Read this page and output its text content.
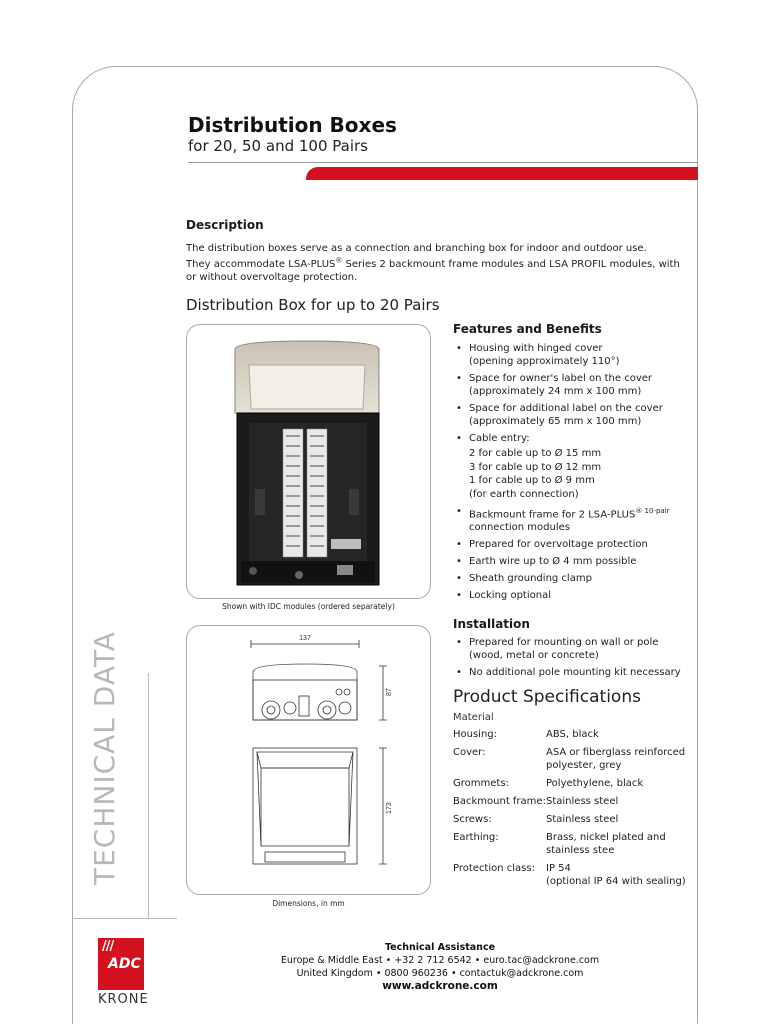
Distribution Boxes
for 20, 50 and 100 Pairs
Description
The distribution boxes serve as a connection and branching box for indoor and outdoor use.
They accommodate LSA-PLUS® Series 2 backmount frame modules and LSA PROFIL modules, with or without overvoltage protection.
Distribution Box for up to 20 Pairs
Shown with IDC modules (ordered separately)
137
87
173
Dimensions, in mm
Features and Benefits
• Housing with hinged cover
(opening approximately 110°)
• Space for owner's label on the cover
(approximately 24 mm x 100 mm)
• Space for additional label on the cover
(approximately 65 mm x 100 mm)
• Cable entry:
2 for cable up to Ø 15 mm
3 for cable up to Ø 12 mm
1 for cable up to Ø 9 mm
(for earth connection)
• Backmount frame for 2 LSA-$PLUS^{® 10-pair}$
connection modules
• Prepared for overvoltage protection
• Earth wire up to Ø 4 mm possible
• Sheath grounding clamp
• Locking optional
Installation
• Prepared for mounting on wall or pole
(wood, metal or concrete)
• No additional pole mounting kit necessary
Product Specifications
Material
Housing:	ABS, black
Cover:	ASA or fiberglass reinforced
polyester, grey
Grommets:	Polyethylene, black
Backmount frame:	Stainless steel
Screws:	Stainless steel
Earthing:	Brass, nickel plated and
stainless stee
Protection class:	IP 54
(optional IP 64 with sealing)
TECHNICAL DATA
///
ADC
KRONE
Technical Assistance
Europe & Middle East • +32 2 712 6542 • euro.tac@adckrone.com
United Kingdom • 0800 960236 • contactuk@adckrone.com
www.adckrone.com
